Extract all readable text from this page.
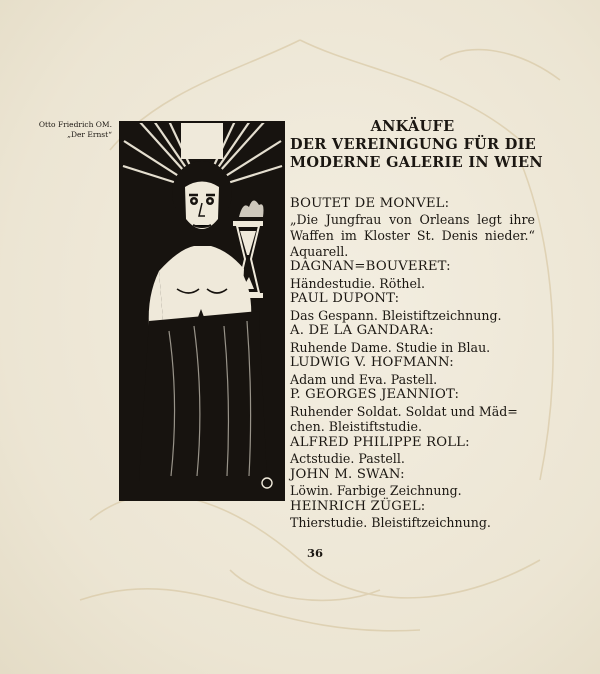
Otto Friedrich OM.
„Der Ernst“	ANKÄUFE
DER VEREINIGUNG FÜR DIE
MODERNE GALERIE IN WIEN
BOUTET DE MONVEL:
„Die Jungfrau von Orleans legt ihre Waffen im Kloster St. Denis nieder.“ Aquarell.
DAGNAN=BOUVERET:
Händestudie. Röthel.
PAUL DUPONT:
Das Gespann. Bleistiftzeichnung.
A. DE LA GANDARA:
Ruhende Dame. Studie in Blau.
LUDWIG V. HOFMANN:
Adam und Eva. Pastell.
P. GEORGES JEANNIOT:
Ruhender Soldat. Soldat und Mäd=
chen. Bleistiftstudie.
ALFRED PHILIPPE ROLL:
Actstudie. Pastell.
JOHN M. SWAN:
Löwin. Farbige Zeichnung.
HEINRICH ZÜGEL:
Thierstudie. Bleistiftzeichnung.
36
